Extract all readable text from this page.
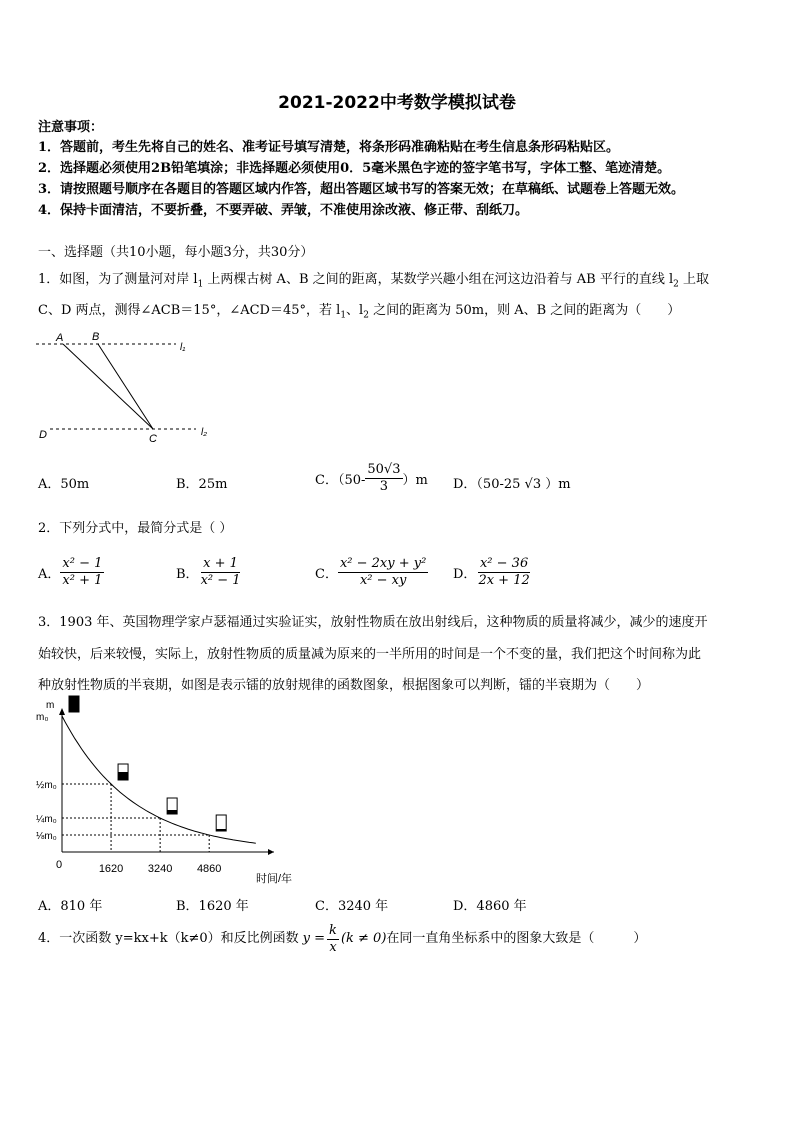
2021-2022中考数学模拟试卷
注意事项：
1．答题前，考生先将自己的姓名、准考证号填写清楚，将条形码准确粘贴在考生信息条形码粘贴区。
2．选择题必须使用2B铅笔填涂；非选择题必须使用0．5毫米黑色字迹的签字笔书写，字体工整、笔迹清楚。
3．请按照题号顺序在各题目的答题区域内作答，超出答题区域书写的答案无效；在草稿纸、试题卷上答题无效。
4．保持卡面清洁，不要折叠，不要弄破、弄皱，不准使用涂改液、修正带、刮纸刀。
一、选择题（共10小题，每小题3分，共30分）
1．如图，为了测量河对岸 $l_1$ 上两棵古树 A、B 之间的距离，某数学兴趣小组在河这边沿着与 AB 平行的直线 $l_2$ 上取
C、D 两点，测得∠ACB＝15°，∠ACD＝45°，若 $l_1$、$l_2$ 之间的距离为 50m，则 A、B 之间的距离为（　　）
A	B
C
D
l₁
l₂
A．50m	B．25m	C．$(50- \frac{50√3}{3} )m$ D．（50-25 √3 ）m
2．下列分式中，最简分式是（ ）
A． $\frac{\text{x² − 1}}{\text{x² + 1}}$	B． $\frac{x + 1}{\text{x² − 1}}$	C． $\frac{\text{x² − 2xy + y²}}{\text{x² − xy}}$ D． $\frac{\text{x² − 36}}{2x + 12}$
3．1903 年、英国物理学家卢瑟福通过实验证实，放射性物质在放出射线后，这种物质的质量将减少，减少的速度开
始较快，后来较慢，实际上，放射性物质的质量减为原来的一半所用的时间是一个不变的量，我们把这个时间称为此
种放射性物质的半衰期，如图是表示镭的放射规律的函数图象，根据图象可以判断，镭的半衰期为（　　）
m
时间/年
0	1620 3240 4860
m₀
½m₀
¼m₀
⅛m₀
A．810 年	B．1620 年	C．3240 年	D．4860 年
4．一次函数 y=kx+k（k≠0）和反比例函数 $y = \frac{k}{x} (k \ne 0)$ 在同一直角坐标系中的图象大致是（　　　）
